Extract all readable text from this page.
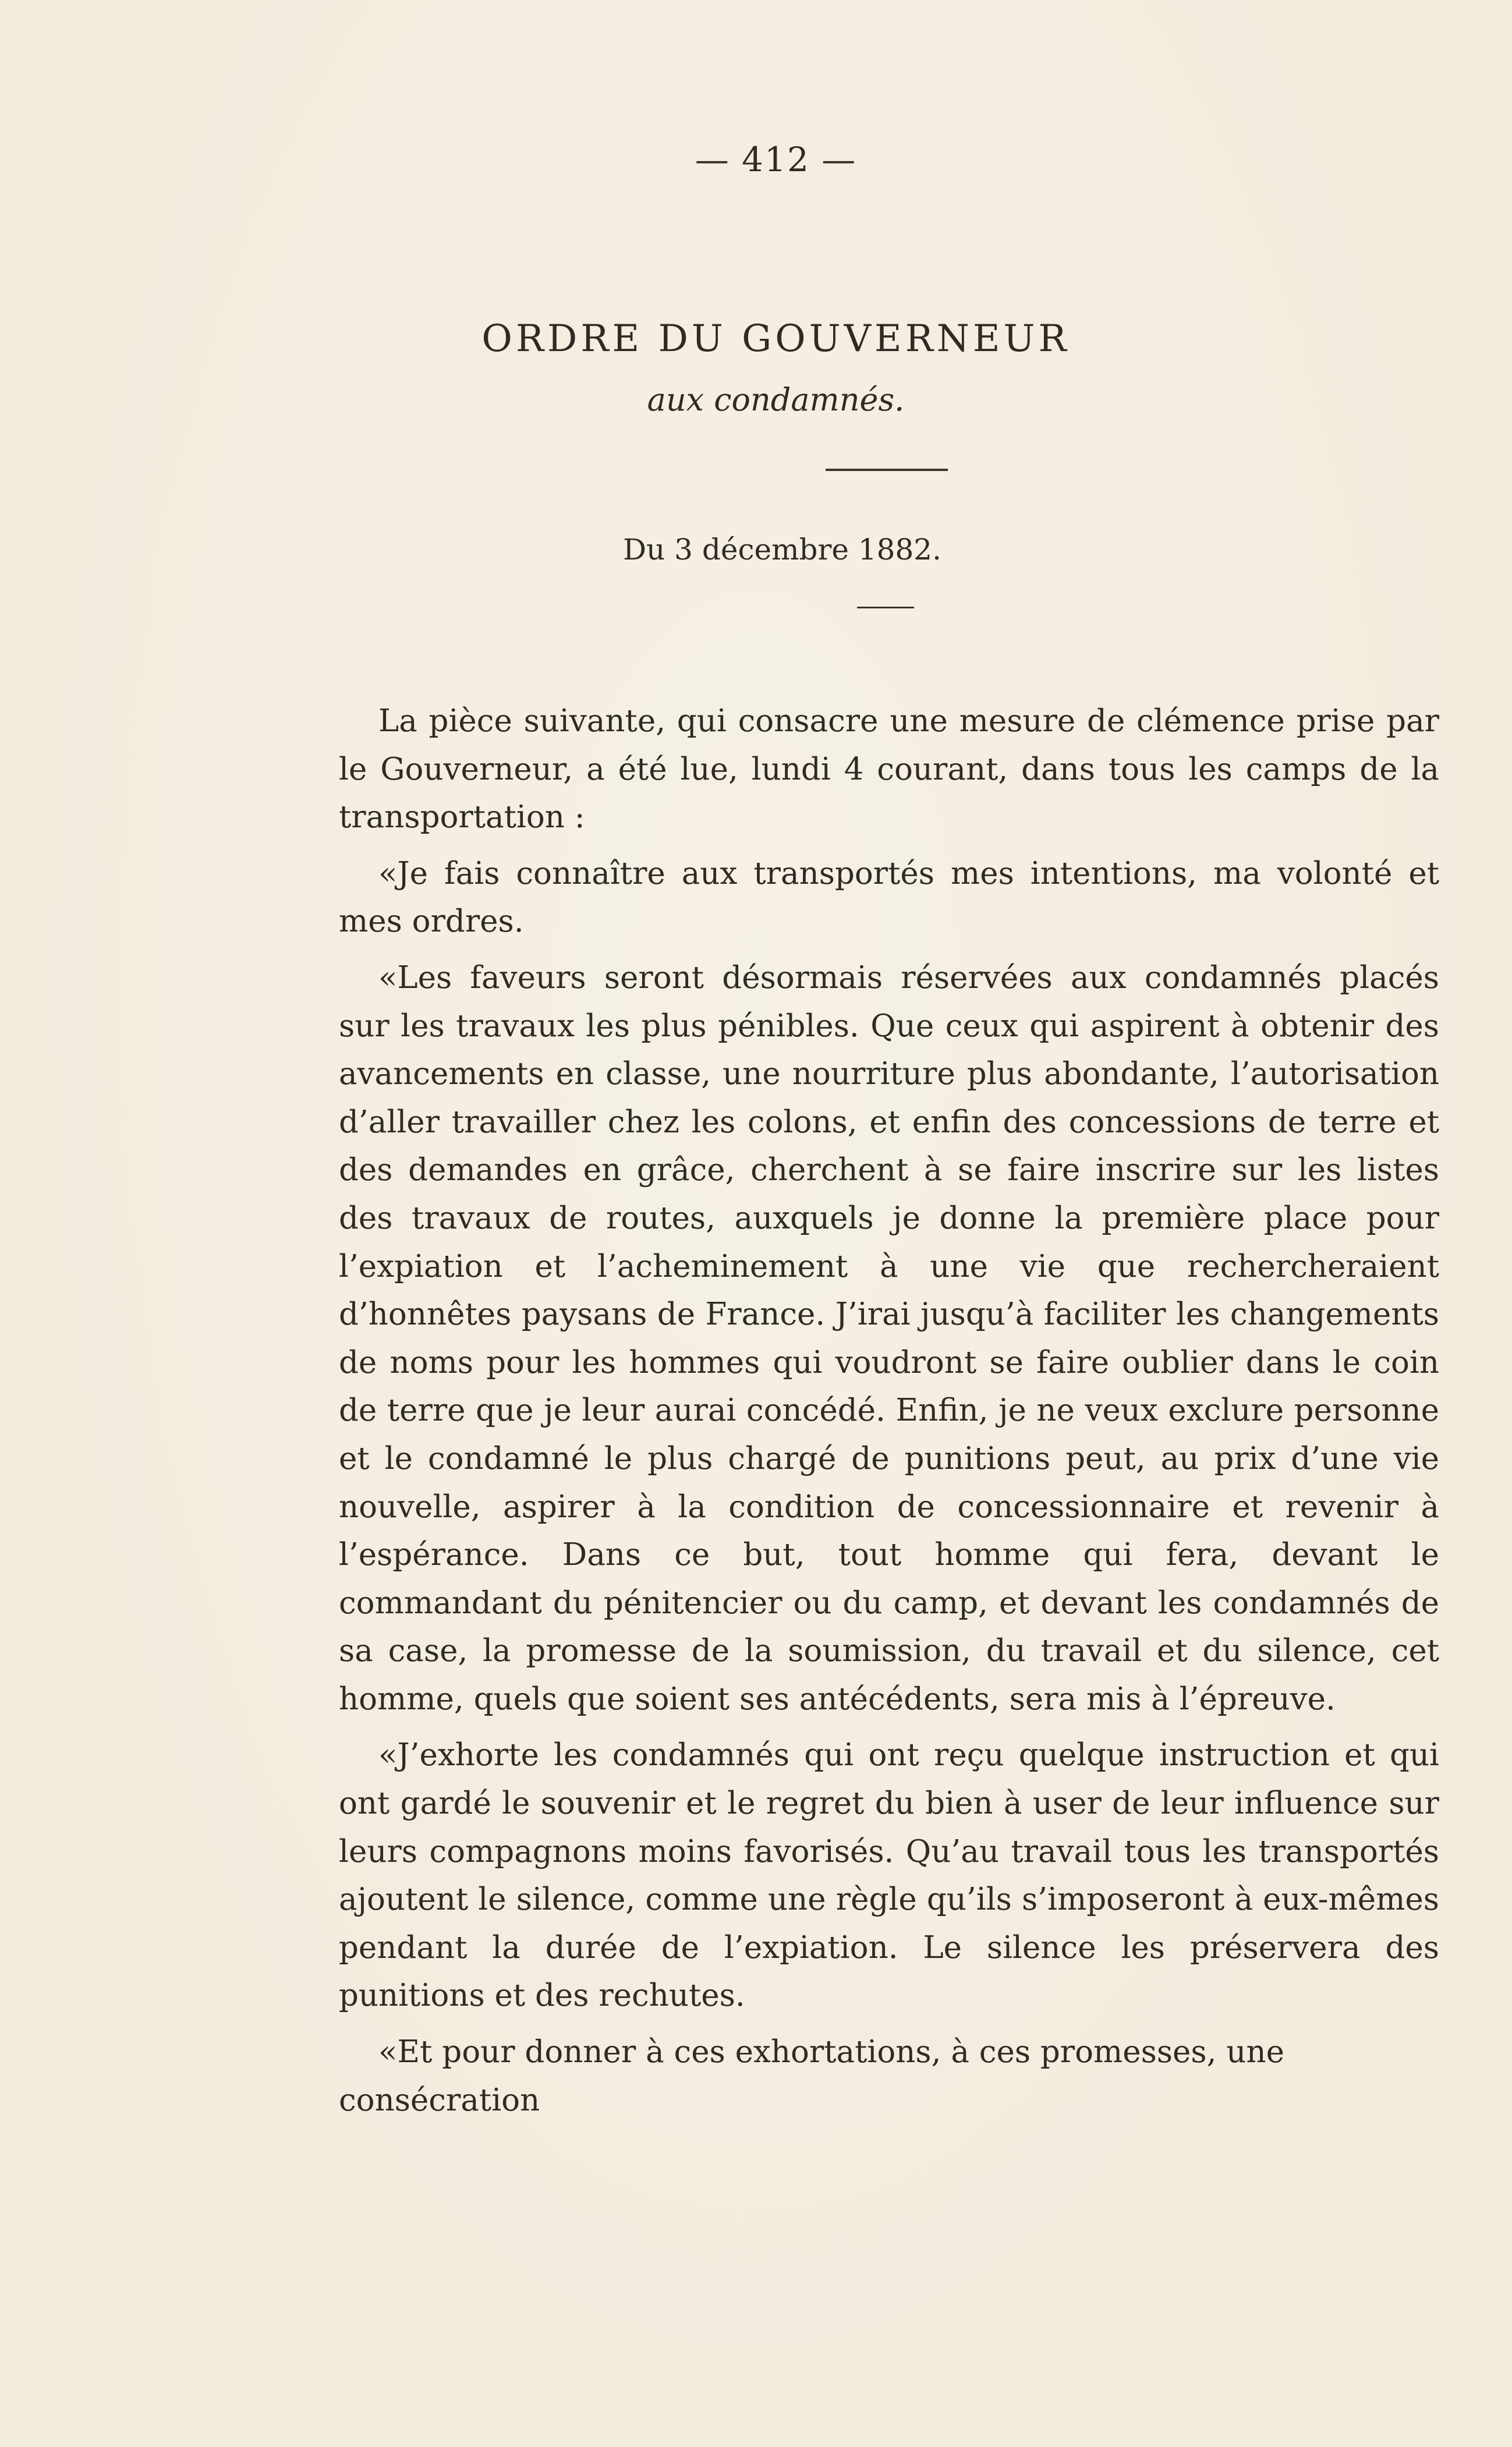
— 412 —
ORDRE DU GOUVERNEUR
aux condamnés.
Du 3 décembre 1882.

La pièce suivante, qui consacre une mesure de clémence prise par le Gouverneur, a été lue, lundi 4 courant, dans tous les camps de la transportation :

«Je fais connaître aux transportés mes intentions, ma volonté et mes ordres.

«Les faveurs seront désormais réservées aux condamnés placés sur les travaux les plus pénibles. Que ceux qui aspirent à obtenir des avancements en classe, une nourriture plus abondante, l’autorisation d’aller travailler chez les colons, et enfin des concessions de terre et des demandes en grâce, cherchent à se faire inscrire sur les listes des travaux de routes, auxquels je donne la première place pour l’expiation et l’acheminement à une vie que rechercheraient d’honnêtes paysans de France. J’irai jusqu’à faciliter les changements de noms pour les hommes qui voudront se faire oublier dans le coin de terre que je leur aurai concédé. Enfin, je ne veux exclure personne et le condamné le plus chargé de punitions peut, au prix d’une vie nouvelle, aspirer à la condition de concessionnaire et revenir à l’espérance. Dans ce but, tout homme qui fera, devant le commandant du pénitencier ou du camp, et devant les condamnés de sa case, la promesse de la soumission, du travail et du silence, cet homme, quels que soient ses antécédents, sera mis à l’épreuve.

«J’exhorte les condamnés qui ont reçu quelque instruction et qui ont gardé le souvenir et le regret du bien à user de leur influence sur leurs compagnons moins favorisés. Qu’au travail tous les transportés ajoutent le silence, comme une règle qu’ils s’imposeront à eux-mêmes pendant la durée de l’expiation. Le silence les préservera des punitions et des rechutes.

«Et pour donner à ces exhortations, à ces promesses, une consécration
